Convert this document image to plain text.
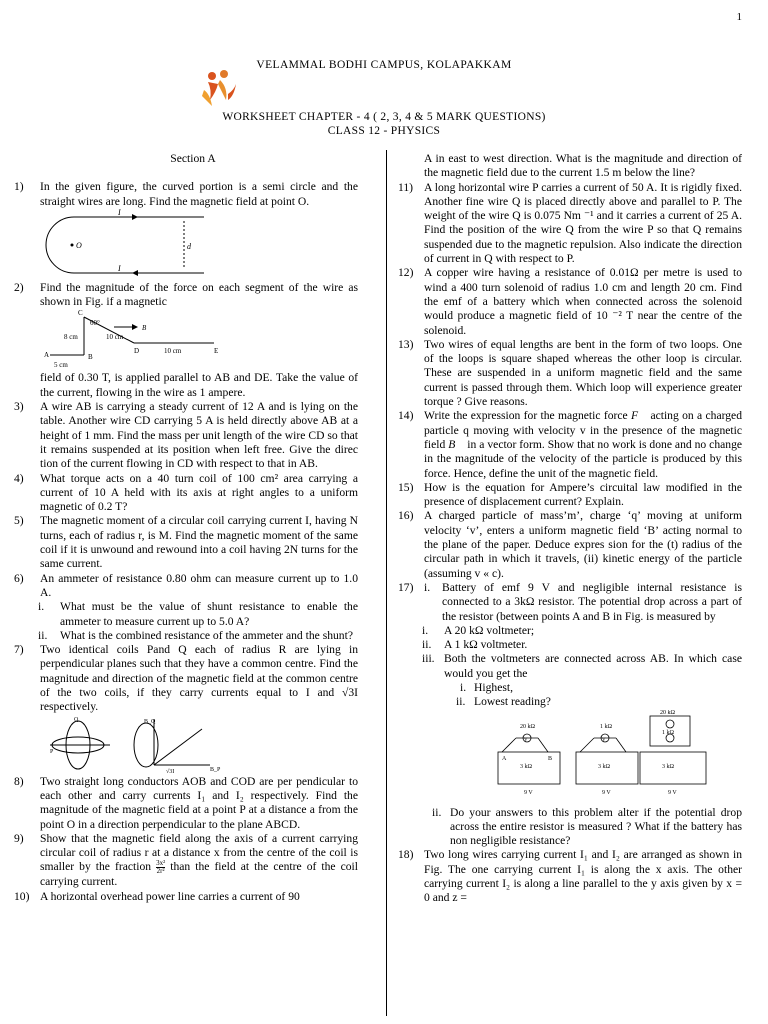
1
VELAMMAL BODHI CAMPUS, KOLAPAKKAM
WORKSHEET CHAPTER - 4 ( 2, 3, 4 & 5 MARK QUESTIONS)
CLASS 12 - PHYSICS

Section A

1) In the given figure, the curved portion is a semi circle and the straight wires are long. Find the magnetic field at point O.
I
O	d
I
2) Find the magnitude of the force on each segment of the wire as shown in Fig. if a magnetic
C
60°
B
8 cm	10 cm
10 cm
A	B
D	E
5 cm

field of 0.30 T, is applied parallel to AB and DE. Take the value of the current, flowing in the wire as 1 ampere.

3) A wire AB is carrying a steady current of 12 A and is lying on the table. Another wire CD carrying 5 A is held directly above AB at a height of 1 mm. Find the mass per unit length of the wire CD so that it remains suspended at its position when left free. Give the direc tion of the current flowing in CD with respect to that in AB.
4) What torque acts on a 40 turn coil of 100 cm² area carrying a current of 10 A held with its axis at right angles to a uniform magnetic of 0.2 T?
5) The magnetic moment of a circular coil carrying current I, having N turns, each of radius r, is M. Find the magnetic moment of the same coil if it is unwound and rewound into a coil having 2N turns for the same current.
6) An ammeter of resistance 0.80 ohm can measure current up to 1.0 A.
i. What must be the value of shunt resistance to enable the ammeter to measure current up to 5.0 A?
ii. What is the combined resistance of the ammeter and the shunt?
7) Two identical coils Pand Q each of radius R are lying in perpendicular planes such that they have a common centre. Find the magnitude and direction of the magnetic field at the common centre of the two coils, if they carry currents equal to I and √3I respectively.
Q
P
B_Q
B_P
√3I
8) Two straight long conductors AOB and COD are per pendicular to each other and carry currents I₁ and I₂ respectively. Find the magnitude of the magnetic field at a point P at a distance a from the point O in a direction perpendicular to the plane ABCD.
9) Show that the magnetic field along the axis of a current carrying circular coil of radius r at a distance x from the centre of the coil is smaller by the fraction $\frac{\text{3x²}}{\text{2r²}}$ than the field at the centre of the coil carrying current.
10) A horizontal overhead power line carries a current of 90

A in east to west direction. What is the magnitude and direction of the magnetic field due to the current 1.5 m below the line?

11) A long horizontal wire P carries a current of 50 A. It is rigidly fixed. Another fine wire Q is placed directly above and parallel to P. The weight of the wire Q is 0.075 Nm ⁻¹ and it carries a current of 25 A. Find the position of the wire Q from the wire P so that Q remains suspended due to the magnetic repulsion. Also indicate the direction of current in Q with respect to P.
12) A copper wire having a resistance of 0.01Ω per metre is used to wind a 400 turn solenoid of radius 1.0 cm and length 20 cm. Find the emf of a battery which when connected across the solenoid would produce a magnetic field of 10 ⁻² T near the centre of the solenoid.
13) Two wires of equal lengths are bent in the form of two loops. One of the loops is square shaped whereas the other loop is circular. These are suspended in a uniform magnetic field and the same current is passed through them. Which loop will experience greater torque ? Give reasons.
14) Write the expression for the magnetic force F⃗ acting on a charged particle q moving with velocity v in the presence of the magnetic field B⃗ in a vector form. Show that no work is done and no change in the magnitude of the velocity of the particle is produced by this force. Hence, define the unit of the magnetic field.
15) How is the equation for Ampere’s circuital law modified in the presence of displacement current? Explain.
16) A charged particle of mass’m’, charge ‘q’ moving at uniform velocity ‘v’, enters a uniform magnetic field ‘B’ acting normal to the plane of the paper. Deduce expres sion for the (t) radius of the circular path in which it travels, (ii) kinetic energy of the particle (assuming v « c).
17) i. Battery of emf 9 V and negligible internal resistance is connected to a 3kΩ resistor. The potential drop across a part of the resistor (between points A and B in Fig. is measured by
i. A 20 kΩ voltmeter;
ii. A 1 kΩ voltmeter.
iii. Both the voltmeters are connected across AB. In which case would you get the
i. Highest,
ii. Lowest reading?
20 kΩ	1 kΩ
20 kΩ
1 kΩ
V	V
A	B
3 kΩ	3 kΩ	3 kΩ
9 V	9 V	9 V
ii. Do your answers to this problem alter if the potential drop across the entire resistor is measured ? What if the battery has non negligible resistance?
18) Two long wires carrying current I₁ and I₂ are arranged as shown in Fig. The one carrying current I₁ is along the x axis. The other carrying current I₂ is along a line parallel to the y axis given by x = 0 and z =
